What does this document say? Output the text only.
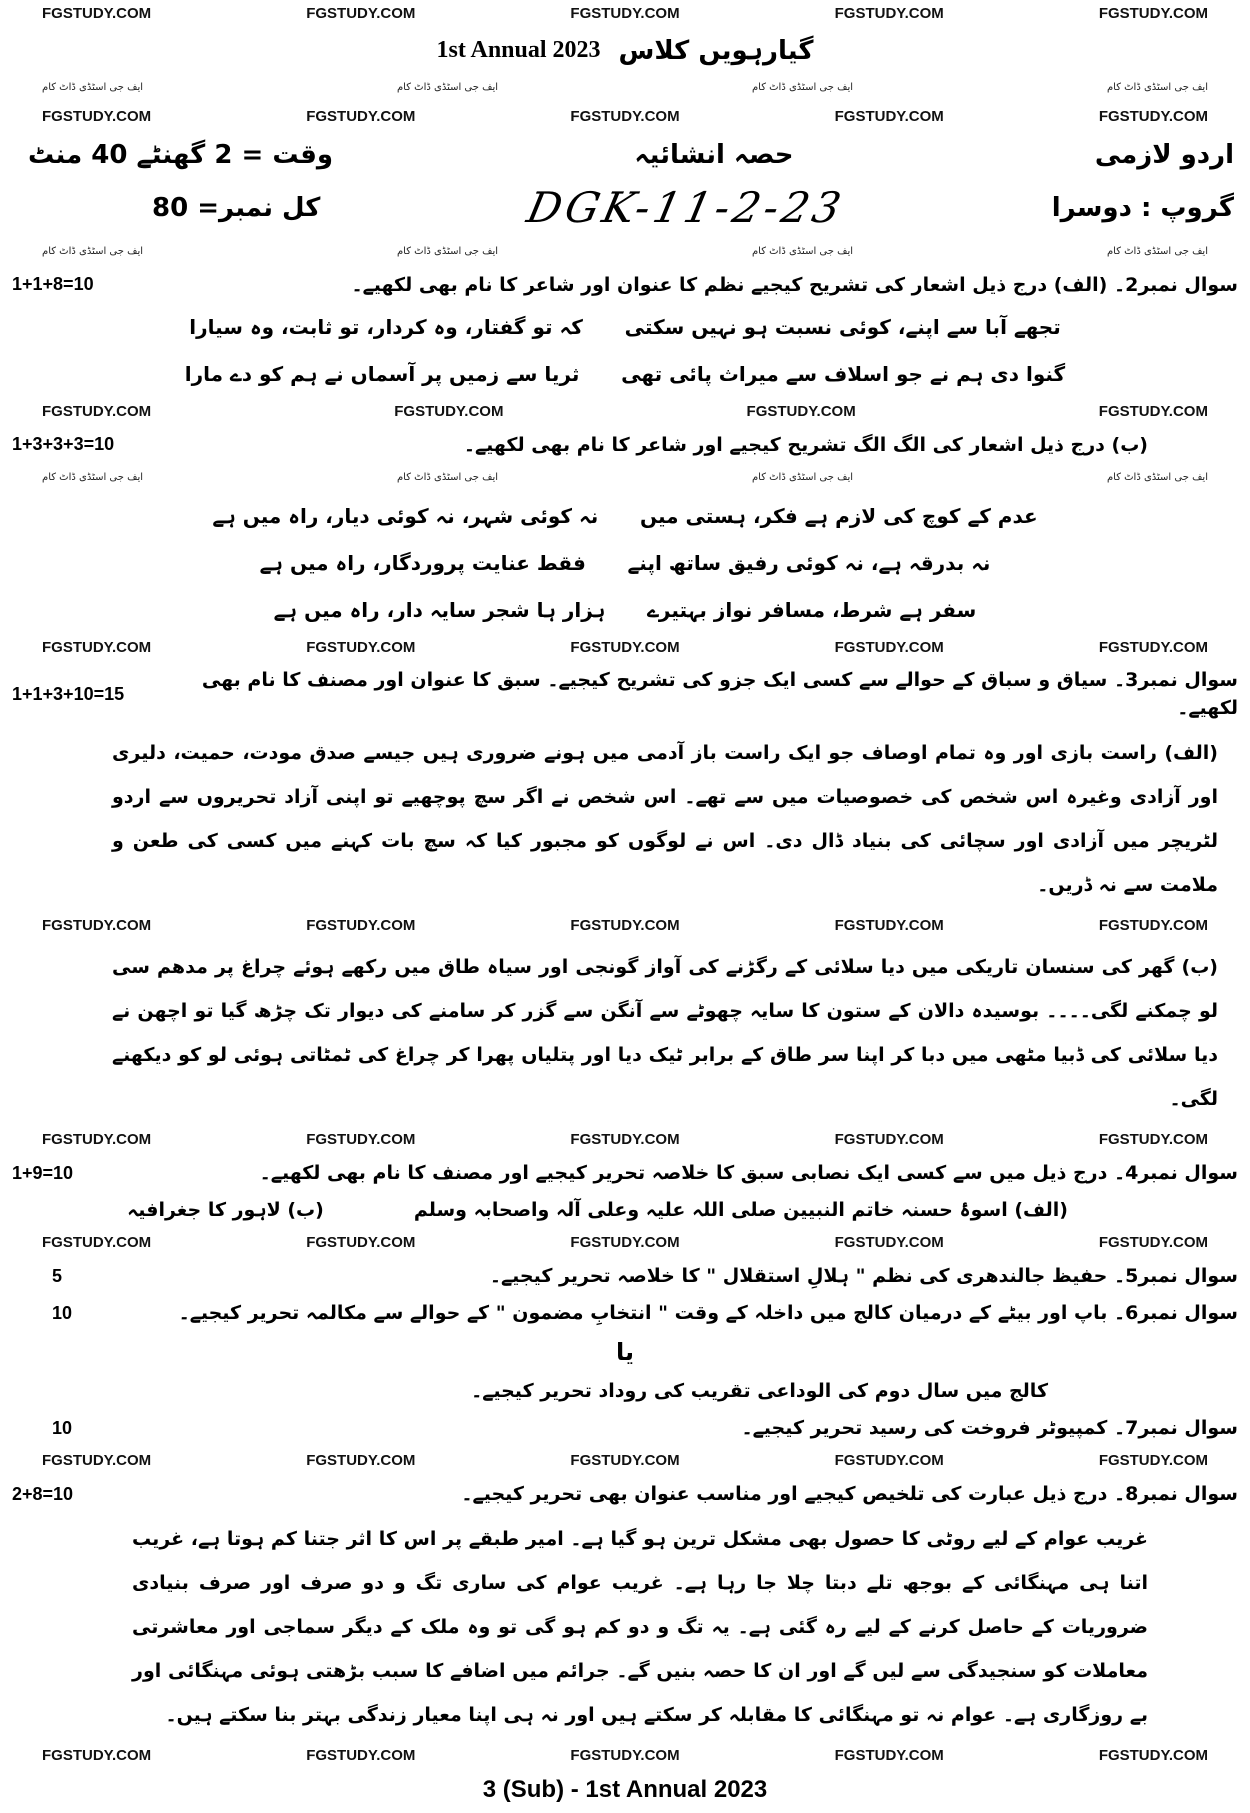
FGSTUDY.COM	FGSTUDY.COM	FGSTUDY.COM	FGSTUDY.COM	FGSTUDY.COM
1st Annual 2023 گیارہویں کلاس
ایف جی اسٹڈی ڈاٹ کام	ایف جی اسٹڈی ڈاٹ کام	ایف جی اسٹڈی ڈاٹ کام	ایف جی اسٹڈی ڈاٹ کام
FGSTUDY.COM	FGSTUDY.COM	FGSTUDY.COM	FGSTUDY.COM	FGSTUDY.COM
وقت = 2 گھنٹے 40 منٹ	حصہ انشائیہ	اردو لازمی
کل نمبر= 80	DGK-11-2-23	گروپ : دوسرا
ایف جی اسٹڈی ڈاٹ کام	ایف جی اسٹڈی ڈاٹ کام	ایف جی اسٹڈی ڈاٹ کام	ایف جی اسٹڈی ڈاٹ کام
1+1+8=10	سوال نمبر2۔ (الف) درج ذیل اشعار کی تشریح کیجیے نظم کا عنوان اور شاعر کا نام بھی لکھیے۔
تجھے آبا سے اپنے، کوئی نسبت ہو نہیں سکتی      کہ تو گفتار، وہ کردار، تو ثابت، وہ سیارا
گنوا دی ہم نے جو اسلاف سے میراث پائی تھی      ثریا سے زمیں پر آسماں نے ہم کو دے مارا
FGSTUDY.COM	FGSTUDY.COM	FGSTUDY.COM	FGSTUDY.COM
1+3+3+3=10	(ب) درج ذیل اشعار کی الگ الگ تشریح کیجیے اور شاعر کا نام بھی لکھیے۔
ایف جی اسٹڈی ڈاٹ کام	ایف جی اسٹڈی ڈاٹ کام	ایف جی اسٹڈی ڈاٹ کام	ایف جی اسٹڈی ڈاٹ کام
عدم کے کوچ کی لازم ہے فکر، ہستی میں      نہ کوئی شہر، نہ کوئی دیار، راہ میں ہے
نہ بدرقہ ہے، نہ کوئی رفیق ساتھ اپنے      فقط عنایت پروردگار، راہ میں ہے
سفر ہے شرط، مسافر نواز بہتیرے      ہزار ہا شجر سایہ دار، راہ میں ہے
FGSTUDY.COM	FGSTUDY.COM	FGSTUDY.COM	FGSTUDY.COM	FGSTUDY.COM
1+1+3+10=15
سوال نمبر3۔ سیاق و سباق کے حوالے سے کسی ایک جزو کی تشریح کیجیے۔ سبق کا عنوان اور مصنف کا نام بھی لکھیے۔
(الف) راست بازی اور وہ تمام اوصاف جو ایک راست باز آدمی میں ہونے ضروری ہیں جیسے صدق مودت، حمیت، دلیری اور آزادی وغیرہ اس شخص کی خصوصیات میں سے تھے۔ اس شخص نے اگر سچ پوچھیے تو اپنی آزاد تحریروں سے اردو لٹریچر میں آزادی اور سچائی کی بنیاد ڈال دی۔ اس نے لوگوں کو مجبور کیا کہ سچ بات کہنے میں کسی کی طعن و ملامت سے نہ ڈریں۔
FGSTUDY.COM	FGSTUDY.COM	FGSTUDY.COM	FGSTUDY.COM	FGSTUDY.COM
(ب) گھر کی سنسان تاریکی میں دیا سلائی کے رگڑنے کی آواز گونجی اور سیاہ طاق میں رکھے ہوئے چراغ پر مدھم سی لو چمکنے لگی۔۔۔۔ بوسیدہ دالان کے ستون کا سایہ چھوٹے سے آنگن سے گزر کر سامنے کی دیوار تک چڑھ گیا تو اچھن نے دیا سلائی کی ڈبیا مٹھی میں دبا کر اپنا سر طاق کے برابر ٹیک دیا اور پتلیاں پھرا کر چراغ کی ٹمٹاتی ہوئی لو کو دیکھنے لگی۔
FGSTUDY.COM	FGSTUDY.COM	FGSTUDY.COM	FGSTUDY.COM	FGSTUDY.COM
1+9=10	سوال نمبر4۔ درج ذیل میں سے کسی ایک نصابی سبق کا خلاصہ تحریر کیجیے اور مصنف کا نام بھی لکھیے۔
(الف) اسوۂ حسنہ خاتم النبیین صلی اللہ علیہ وعلی آلہ واصحابہ وسلم
(ب) لاہور کا جغرافیہ
FGSTUDY.COM	FGSTUDY.COM	FGSTUDY.COM	FGSTUDY.COM	FGSTUDY.COM
5	سوال نمبر5۔ حفیظ جالندھری کی نظم " ہلالِ استقلال " کا خلاصہ تحریر کیجیے۔
10	سوال نمبر6۔ باپ اور بیٹے کے درمیان کالج میں داخلہ کے وقت " انتخابِ مضمون " کے حوالے سے مکالمہ تحریر کیجیے۔
یا
کالج میں سال دوم کی الوداعی تقریب کی روداد تحریر کیجیے۔
10	سوال نمبر7۔ کمپیوٹر فروخت کی رسید تحریر کیجیے۔
FGSTUDY.COM	FGSTUDY.COM	FGSTUDY.COM	FGSTUDY.COM	FGSTUDY.COM
2+8=10	سوال نمبر8۔ درج ذیل عبارت کی تلخیص کیجیے اور مناسب عنوان بھی تحریر کیجیے۔
غریب عوام کے لیے روٹی کا حصول بھی مشکل ترین ہو گیا ہے۔ امیر طبقے پر اس کا اثر جتنا کم ہوتا ہے، غریب اتنا ہی مہنگائی کے بوجھ تلے دبتا چلا جا رہا ہے۔ غریب عوام کی ساری تگ و دو صرف اور صرف بنیادی ضروریات کے حاصل کرنے کے لیے رہ گئی ہے۔ یہ تگ و دو کم ہو گی تو وہ ملک کے دیگر سماجی اور معاشرتی معاملات کو سنجیدگی سے لیں گے اور ان کا حصہ بنیں گے۔ جرائم میں اضافے کا سبب بڑھتی ہوئی مہنگائی اور بے روزگاری ہے۔ عوام نہ تو مہنگائی کا مقابلہ کر سکتے ہیں اور نہ ہی اپنا معیار زندگی بہتر بنا سکتے ہیں۔
FGSTUDY.COM	FGSTUDY.COM	FGSTUDY.COM	FGSTUDY.COM	FGSTUDY.COM
3 (Sub) - 1st Annual 2023
